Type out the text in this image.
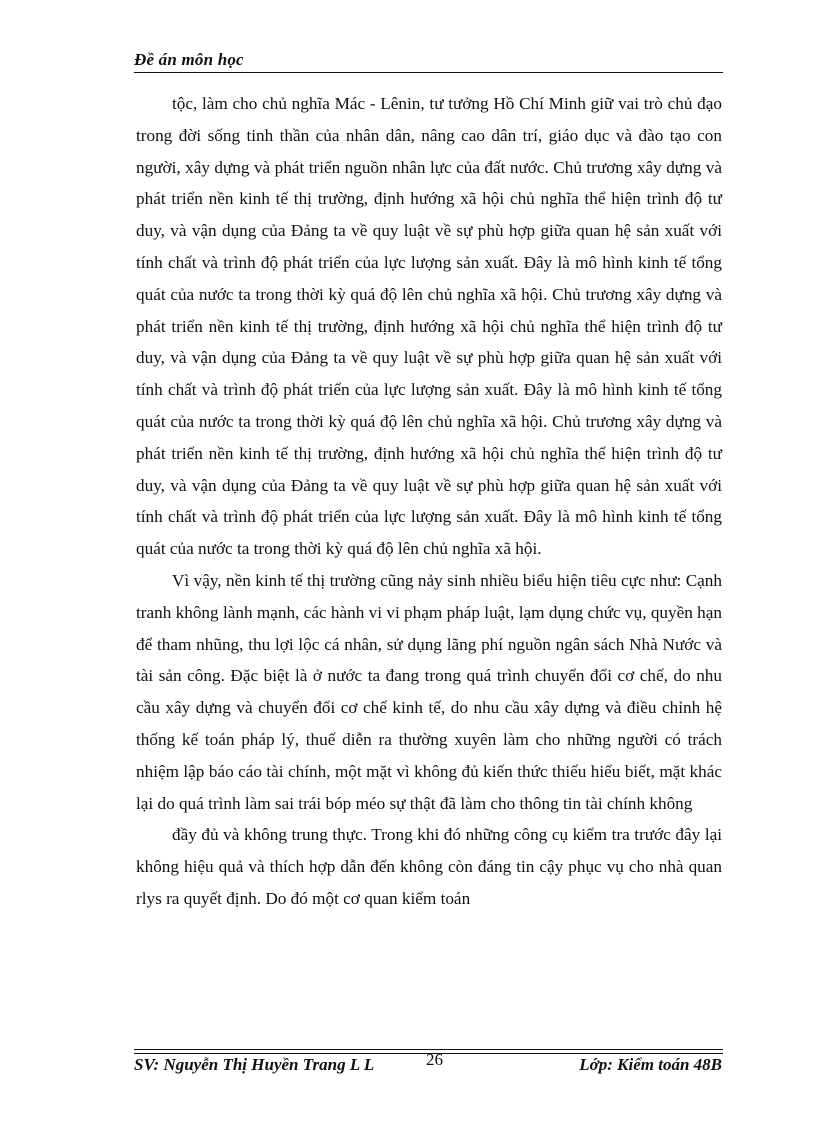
Đề án môn học

tộc, làm cho chủ nghĩa Mác - Lênin, tư tưởng Hồ Chí Minh giữ vai trò chủ đạo trong đời sống tinh thần của nhân dân, nâng cao dân trí, giáo dục và đào tạo con người, xây dựng và phát triển nguồn nhân lực của đất nước. Chủ trương xây dựng và phát triển nền kinh tế thị trường, định hướng xã hội chủ nghĩa thể hiện trình độ tư duy, và vận dụng của Đảng ta về quy luật về sự phù hợp giữa quan hệ sản xuất với tính chất và trình độ phát triển của lực lượng sản xuất. Đây là mô hình kinh tế tổng quát của nước ta trong thời kỳ quá độ lên chủ nghĩa xã hội. Chủ trương xây dựng và phát triển nền kinh tế thị trường, định hướng xã hội chủ nghĩa thể hiện trình độ tư duy, và vận dụng của Đảng ta về quy luật về sự phù hợp giữa quan hệ sản xuất với tính chất và trình độ phát triển của lực lượng sản xuất. Đây là mô hình kinh tế tổng quát của nước ta trong thời kỳ quá độ lên chủ nghĩa xã hội. Chủ trương xây dựng và phát triển nền kinh tế thị trường, định hướng xã hội chủ nghĩa thể hiện trình độ tư duy, và vận dụng của Đảng ta về quy luật về sự phù hợp giữa quan hệ sản xuất với tính chất và trình độ phát triển của lực lượng sản xuất. Đây là mô hình kinh tế tổng quát của nước ta trong thời kỳ quá độ lên chủ nghĩa xã hội.

Vì vậy, nền kinh tế thị trường cũng nảy sinh nhiều biểu hiện tiêu cực như: Cạnh tranh không lành mạnh, các hành vi vi phạm pháp luật, lạm dụng chức vụ, quyền hạn để tham nhũng, thu lợi lộc cá nhân, sử dụng lãng phí nguồn ngân sách Nhà Nước và tài sản công. Đặc biệt là ở nước ta đang trong quá trình chuyển đổi cơ chế, do nhu cầu xây dựng và chuyển đổi cơ chế kinh tế, do nhu cầu xây dựng và điều chỉnh hệ thống kế toán pháp lý, thuế diễn ra thường xuyên làm cho những người có trách nhiệm lập báo cáo tài chính, một mặt vì không đủ kiến thức thiếu hiểu biết, mặt khác lại do quá trình làm sai trái bóp méo sự thật đã làm cho thông tin tài chính không

đầy đủ và không trung thực. Trong khi đó những công cụ kiểm tra trước đây lại không hiệu quả và thích hợp dẫn đến không còn đáng tin cậy phục vụ cho nhà quan rlys ra quyết định. Do đó một cơ quan kiểm toán

SV: Nguyễn Thị Huyền Trang L L	26	Lớp: Kiểm toán 48B
